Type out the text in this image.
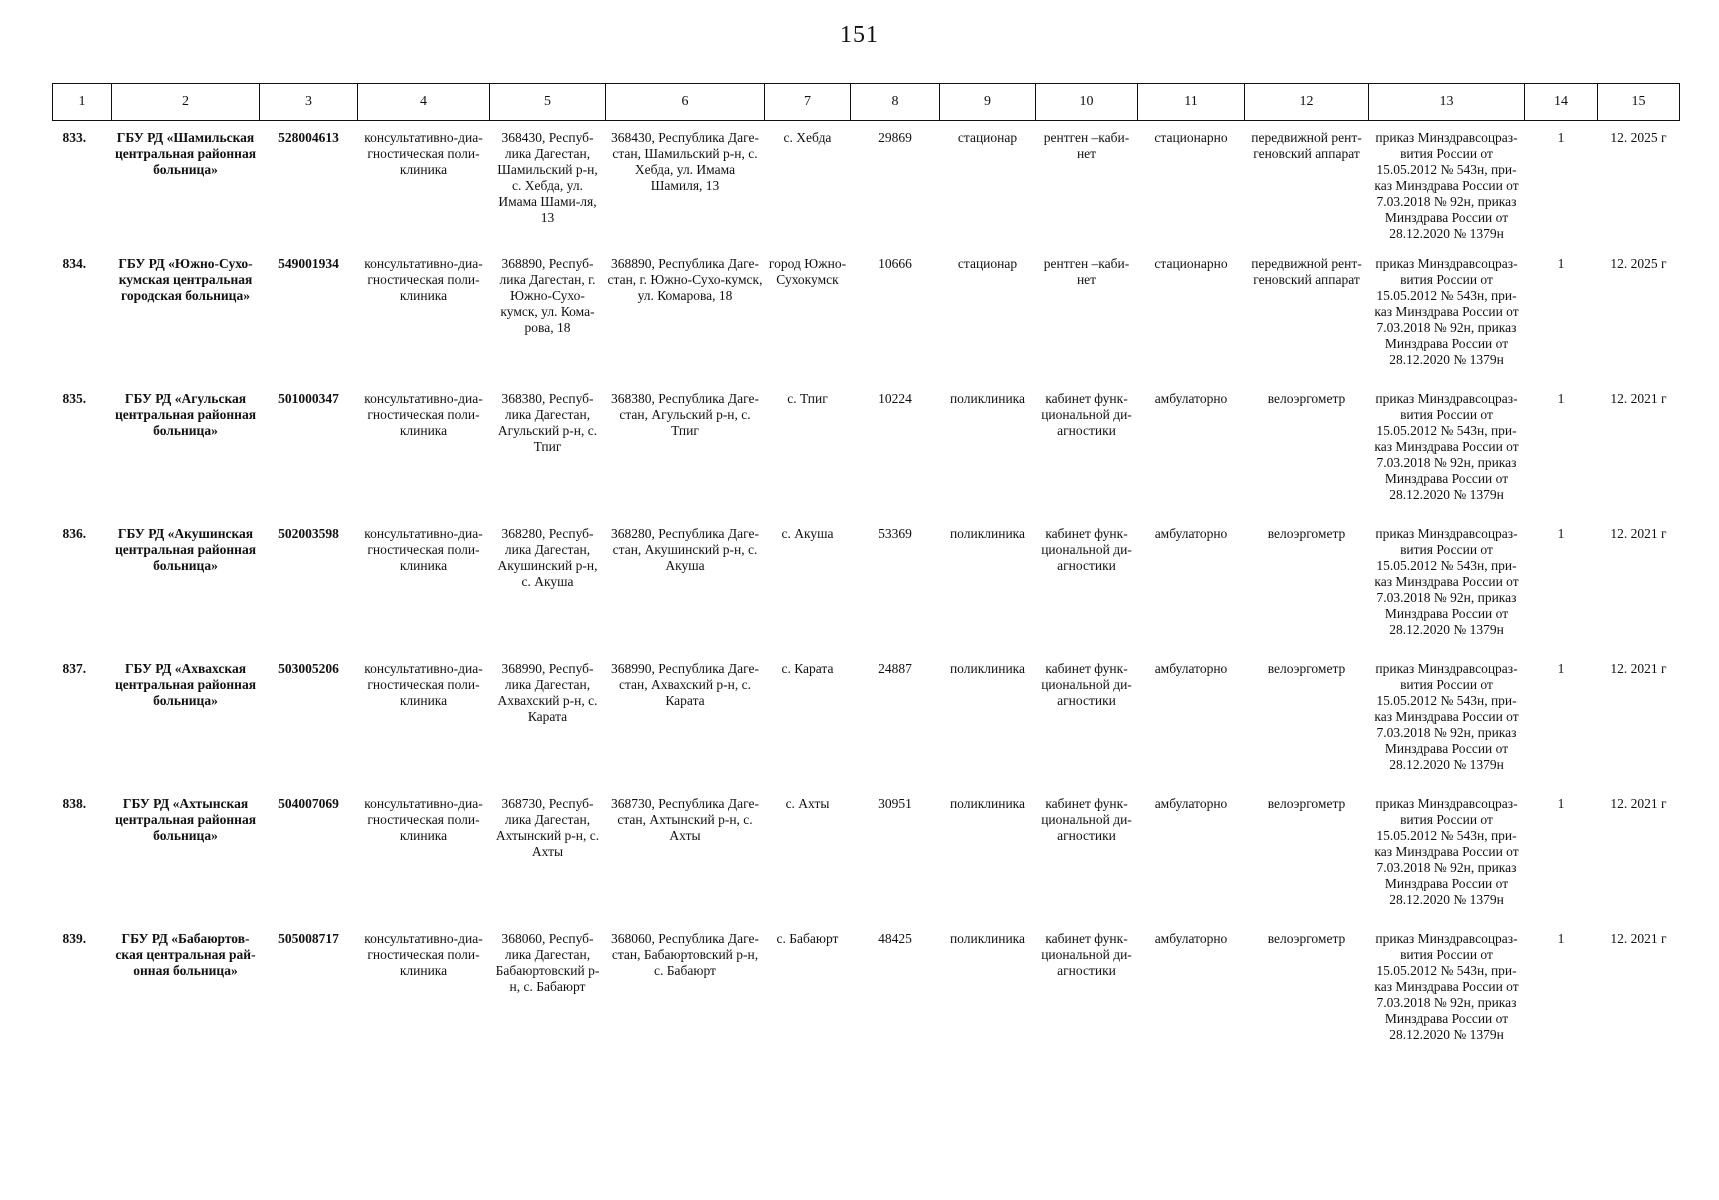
151
1	2	3	4	5	6	7	8	9	10	11	12	13	14	15
833.	ГБУ РД «Шамильская центральная районная больница»	528004613	консультативно-диа-гностическая поли-клиника	368430, Респуб-лика Дагестан, Шамильский р-н, с. Хебда, ул. Имама Шами-ля, 13	368430, Республика Даге-стан, Шамильский р-н, с. Хебда, ул. Имама Шамиля, 13	с. Хебда	29869	стационар	рентген –каби-нет	стационарно	передвижной рент-геновский аппарат	приказ Минздравсоцраз-вития России от 15.05.2012 № 543н, при-каз Минздрава России от 7.03.2018 № 92н, приказ Минздрава России от 28.12.2020 № 1379н	1	12. 2025 г
834.	ГБУ РД «Южно-Сухо-кумская центральная городская больница»	549001934	консультативно-диа-гностическая поли-клиника	368890, Респуб-лика Дагестан, г. Южно-Сухо-кумск, ул. Кома-рова, 18	368890, Республика Даге-стан, г. Южно-Сухо-кумск, ул. Комарова, 18	город Южно-Сухокумск	10666	стационар	рентген –каби-нет	стационарно	передвижной рент-геновский аппарат	приказ Минздравсоцраз-вития России от 15.05.2012 № 543н, при-каз Минздрава России от 7.03.2018 № 92н, приказ Минздрава России от 28.12.2020 № 1379н	1	12. 2025 г
835.	ГБУ РД «Агульская центральная районная больница»	501000347	консультативно-диа-гностическая поли-клиника	368380, Респуб-лика Дагестан, Агульский р-н, с. Тпиг	368380, Республика Даге-стан, Агульский р-н, с. Тпиг	с. Тпиг	10224	поликлиника	кабинет функ-циональной ди-агностики	амбулаторно	велоэргометр	приказ Минздравсоцраз-вития России от 15.05.2012 № 543н, при-каз Минздрава России от 7.03.2018 № 92н, приказ Минздрава России от 28.12.2020 № 1379н	1	12. 2021 г
836.	ГБУ РД «Акушинская центральная районная больница»	502003598	консультативно-диа-гностическая поли-клиника	368280, Респуб-лика Дагестан, Акушинский р-н, с. Акуша	368280, Республика Даге-стан, Акушинский р-н, с. Акуша	с. Акуша	53369	поликлиника	кабинет функ-циональной ди-агностики	амбулаторно	велоэргометр	приказ Минздравсоцраз-вития России от 15.05.2012 № 543н, при-каз Минздрава России от 7.03.2018 № 92н, приказ Минздрава России от 28.12.2020 № 1379н	1	12. 2021 г
837.	ГБУ РД «Ахвахская центральная районная больница»	503005206	консультативно-диа-гностическая поли-клиника	368990, Респуб-лика Дагестан, Ахвахский р-н, с. Карата	368990, Республика Даге-стан, Ахвахский р-н, с. Карата	с. Карата	24887	поликлиника	кабинет функ-циональной ди-агностики	амбулаторно	велоэргометр	приказ Минздравсоцраз-вития России от 15.05.2012 № 543н, при-каз Минздрава России от 7.03.2018 № 92н, приказ Минздрава России от 28.12.2020 № 1379н	1	12. 2021 г
838.	ГБУ РД «Ахтынская центральная районная больница»	504007069	консультативно-диа-гностическая поли-клиника	368730, Респуб-лика Дагестан, Ахтынский р-н, с. Ахты	368730, Республика Даге-стан, Ахтынский р-н, с. Ахты	с. Ахты	30951	поликлиника	кабинет функ-циональной ди-агностики	амбулаторно	велоэргометр	приказ Минздравсоцраз-вития России от 15.05.2012 № 543н, при-каз Минздрава России от 7.03.2018 № 92н, приказ Минздрава России от 28.12.2020 № 1379н	1	12. 2021 г
839.	ГБУ РД «Бабаюртов-ская центральная рай-онная больница»	505008717	консультативно-диа-гностическая поли-клиника	368060, Респуб-лика Дагестан, Бабаюртовский р-н, с. Бабаюрт	368060, Республика Даге-стан, Бабаюртовский р-н, с. Бабаюрт	с. Бабаюрт	48425	поликлиника	кабинет функ-циональной ди-агностики	амбулаторно	велоэргометр	приказ Минздравсоцраз-вития России от 15.05.2012 № 543н, при-каз Минздрава России от 7.03.2018 № 92н, приказ Минздрава России от 28.12.2020 № 1379н	1	12. 2021 г
